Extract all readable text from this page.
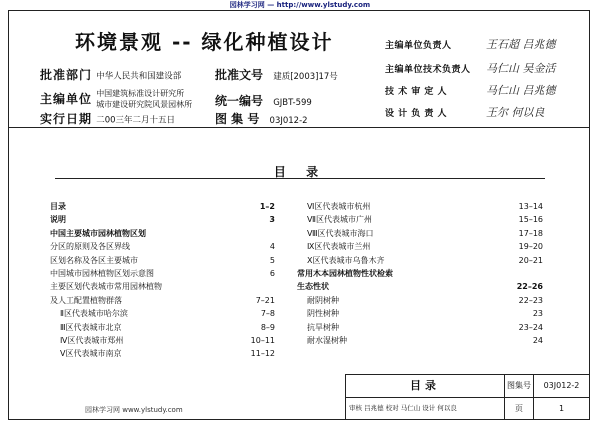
园林学习网 — http://www.ylstudy.com
环境景观 -- 绿化种植设计
批准部门 中华人民共和国建设部	批准文号 建质[2003]17号
主编单位 中国建筑标准设计研究所
城市建设研究院风景园林所 统一编号 GJBT-599
实行日期 二00三年二月十五日	图 集 号 03J012-2
主编单位负责人	王石超 吕兆德
主编单位技术负责人 马仁山 吴金活
技 术 审 定 人	马仁山 吕兆德
设 计 负 责 人	王尔 何以良
目 录
目录	1–2
说明	3
中国主要城市园林植物区划
分区的原则及各区界线	4
区划名称及各区主要城市	5
中国城市园林植物区划示意图	6
主要区划代表城市常用园林植物
及人工配置植物群落	7–21
Ⅱ区代表城市哈尔滨	7–8
Ⅲ区代表城市北京	8–9
Ⅳ区代表城市郑州	10–11
Ⅴ区代表城市南京	11–12
Ⅵ区代表城市杭州	13–14
Ⅶ区代表城市广州	15–16
Ⅷ区代表城市海口	17–18
Ⅸ区代表城市兰州	19–20
Ⅹ区代表城市乌鲁木齐	20–21
常用木本园林植物性状检索
生态性状	22–26
耐阴树种	22–23
阴性树种	23
抗旱树种	23–24
耐水湿树种	24
目录	图集号	03J012-2
审核 吕兆德 校对 马仁山 设计 何以良	页	1
园林学习网 www.ylstudy.com
